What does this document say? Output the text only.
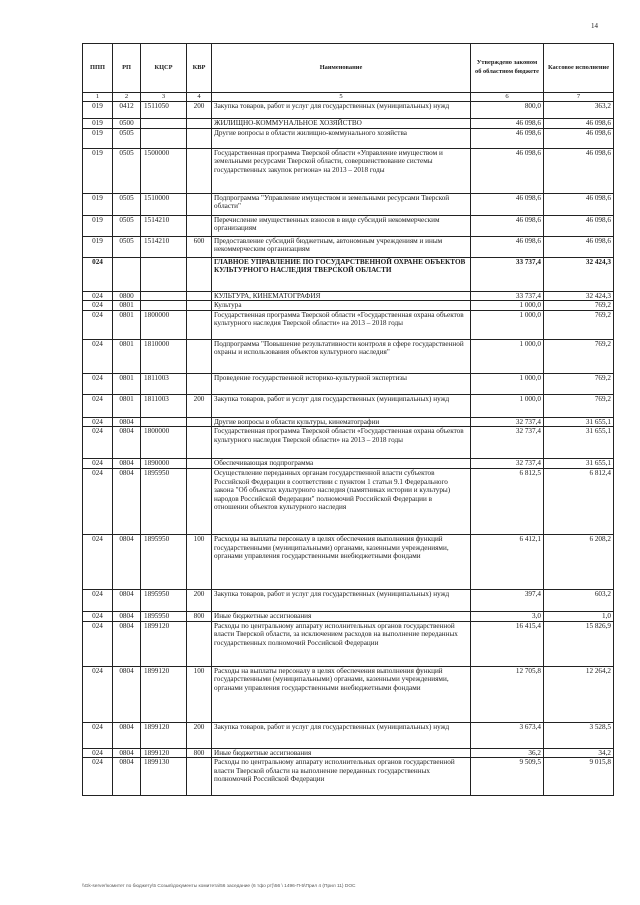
14
ППП	РП	КЦСР	КВР	Наименование	Утверждено законом об областном бюджете	Кассовое исполнение
1	2	3	4	5	6	7
019	0412	1511050	200	Закупка товаров, работ и услуг для государственных (муниципальных) нужд	800,0	363,2
019	0500			ЖИЛИЩНО-КОММУНАЛЬНОЕ ХОЗЯЙСТВО	46 098,6	46 098,6
019	0505			Другие вопросы в области жилищно-коммунального хозяйства	46 098,6	46 098,6
019	0505	1500000		Государственная программа Тверской области «Управление имуществом и земельными ресурсами Тверской области, совершенствование системы государственных закупок региона» на 2013 – 2018 годы	46 098,6	46 098,6
019	0505	1510000		Подпрограмма "Управление имуществом и земельными ресурсами Тверской области"	46 098,6	46 098,6
019	0505	1514210		Перечисление имущественных взносов в виде субсидий некоммерческим организациям	46 098,6	46 098,6
019	0505	1514210	600	Предоставление субсидий бюджетным, автономным учреждениям и иным некоммерческим организациям	46 098,6	46 098,6
024				ГЛАВНОЕ УПРАВЛЕНИЕ ПО ГОСУДАРСТВЕННОЙ ОХРАНЕ ОБЪЕКТОВ КУЛЬТУРНОГО НАСЛЕДИЯ ТВЕРСКОЙ ОБЛАСТИ	33 737,4	32 424,3
024	0800			КУЛЬТУРА, КИНЕМАТОГРАФИЯ	33 737,4	32 424,3
024	0801			Культура	1 000,0	769,2
024	0801	1800000		Государственная программа Тверской области «Государственная охрана объектов культурного наследия Тверской области» на 2013 – 2018 годы	1 000,0	769,2
024	0801	1810000		Подпрограмма "Повышение результативности контроля в сфере государственной охраны и использования объектов культурного наследия"	1 000,0	769,2
024	0801	1811003		Проведение государственной историко-культурной экспертизы	1 000,0	769,2
024	0801	1811003	200	Закупка товаров, работ и услуг для государственных (муниципальных) нужд	1 000,0	769,2
024	0804			Другие вопросы в области культуры, кинематографии	32 737,4	31 655,1
024	0804	1800000		Государственная программа Тверской области «Государственная охрана объектов культурного наследия Тверской области» на 2013 – 2018 годы	32 737,4	31 655,1
024	0804	1890000		Обеспечивающая подпрограмма	32 737,4	31 655,1
024	0804	1895950		Осуществление переданных органам государственной власти субъектов Российской Федерации в соответствии с пунктом 1 статьи 9.1 Федерального закона "Об объектах культурного наследия (памятниках истории и культуры) народов Российской Федерации" полномочий Российской Федерации в отношении объектов культурного наследия	6 812,5	6 812,4
024	0804	1895950	100	Расходы на выплаты персоналу в целях обеспечения выполнения функций государственными (муниципальными) органами, казенными учреждениями, органами управления государственными внебюджетными фондами	6 412,1	6 208,2
024	0804	1895950	200	Закупка товаров, работ и услуг для государственных (муниципальных) нужд	397,4	603,2
024	0804	1895950	800	Иные бюджетные ассигнования	3,0	1,0
024	0804	1899120		Расходы по центральному аппарату исполнительных органов государственной власти Тверской области, за исключением расходов на выполнение переданных государственных полномочий Российской Федерации	16 415,4	15 826,9
024	0804	1899120	100	Расходы на выплаты персоналу в целях обеспечения выполнения функций государственными (муниципальными) органами, казенными учреждениями, органами управления государственными внебюджетными фондами	12 705,8	12 264,2
024	0804	1899120	200	Закупка товаров, работ и услуг для государственных (муниципальных) нужд	3 673,4	3 528,5
024	0804	1899120	800	Иные бюджетные ассигнования	36,2	34,2
024	0804	1899130		Расходы по центральному аппарату исполнительных органов государственной власти Тверской области на выполнение переданных государственных полномочий Российской Федерации	9 509,5	9 015,8
\\Gk-server\комитет по бюджету\5 Созыв\документы комитета\56 заседание (6 тфо рт)\56 \ 1496-П-5\Прил 4 (Прил 11) DOC
